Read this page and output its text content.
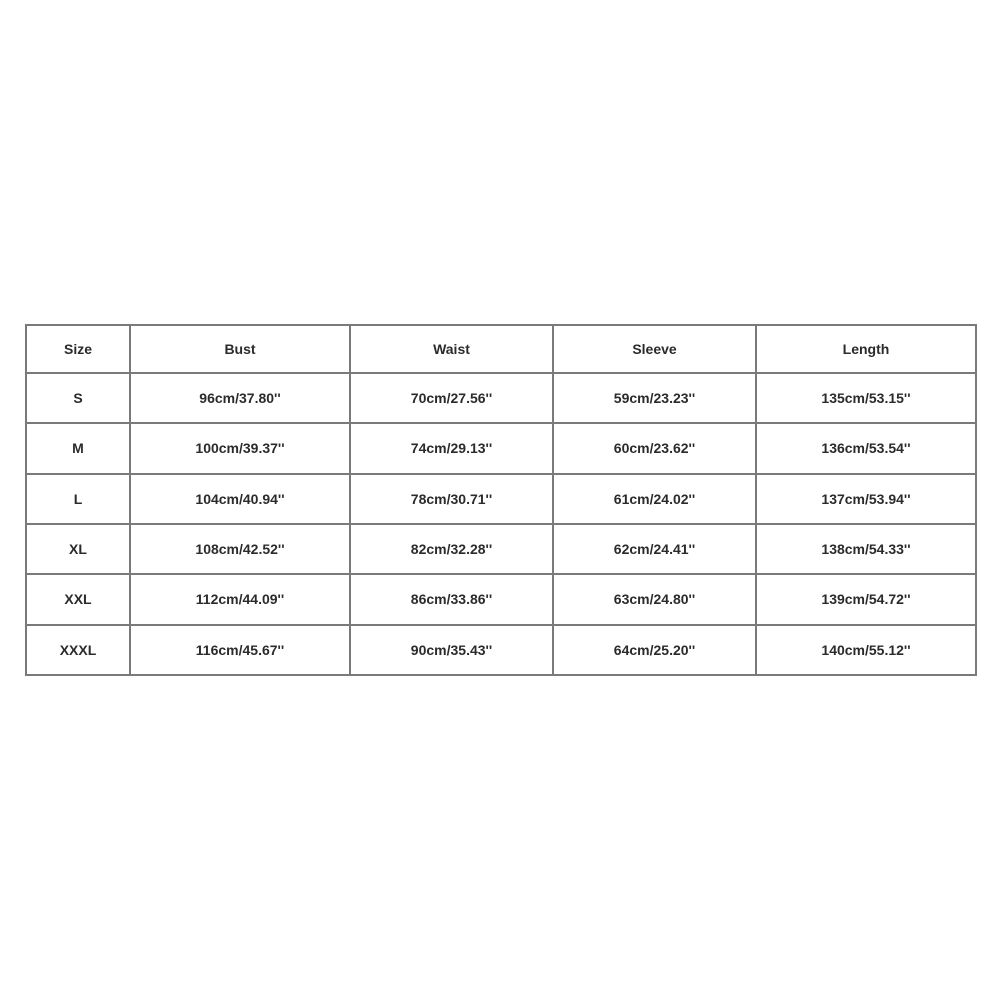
Size	Bust	Waist	Sleeve	Length
S	96cm/37.80''	70cm/27.56''	59cm/23.23''	135cm/53.15''
M	100cm/39.37''	74cm/29.13''	60cm/23.62''	136cm/53.54''
L	104cm/40.94''	78cm/30.71''	61cm/24.02''	137cm/53.94''
XL	108cm/42.52''	82cm/32.28''	62cm/24.41''	138cm/54.33''
XXL	112cm/44.09''	86cm/33.86''	63cm/24.80''	139cm/54.72''
XXXL	116cm/45.67''	90cm/35.43''	64cm/25.20''	140cm/55.12''
